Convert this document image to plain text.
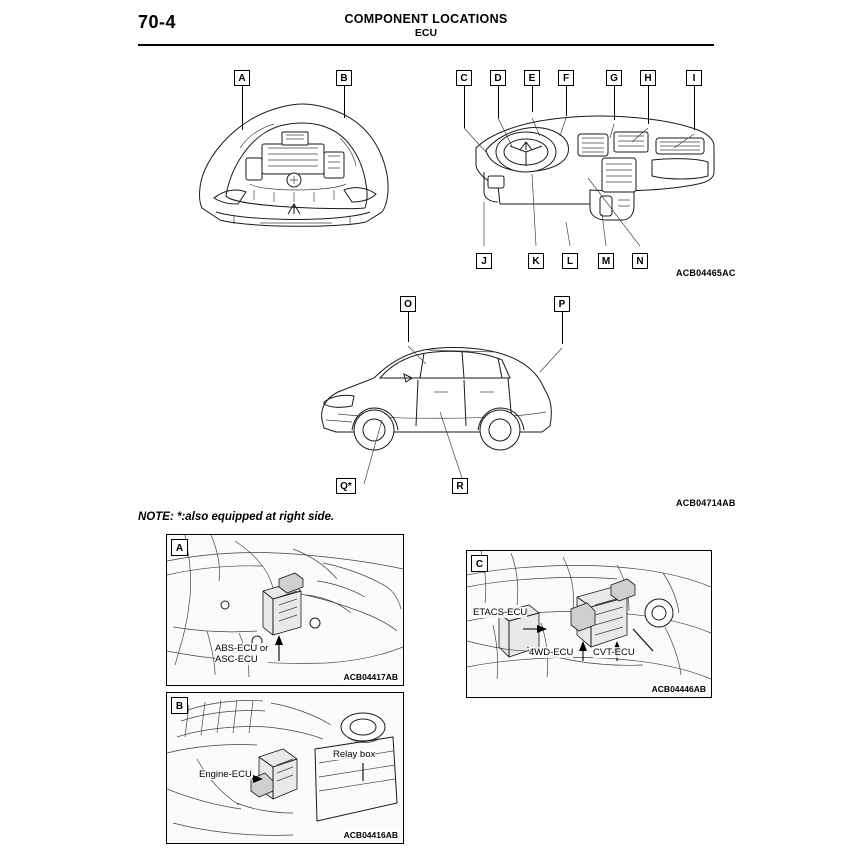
70-4	COMPONENT LOCATIONS
ECU
A	B
ACB04465AC
C	D	E	F	G	H	I
J	K	L	M	N
O	P
Q*	R
ACB04714AB
NOTE: *:also equipped at right side.
A
ABS-ECU or
ASC-ECU
ACB04417AB
B
Engine-ECU
Relay box
ACB04416AB
C
ETACS-ECU
4WD-ECU CVT-ECU
ACB04446AB
